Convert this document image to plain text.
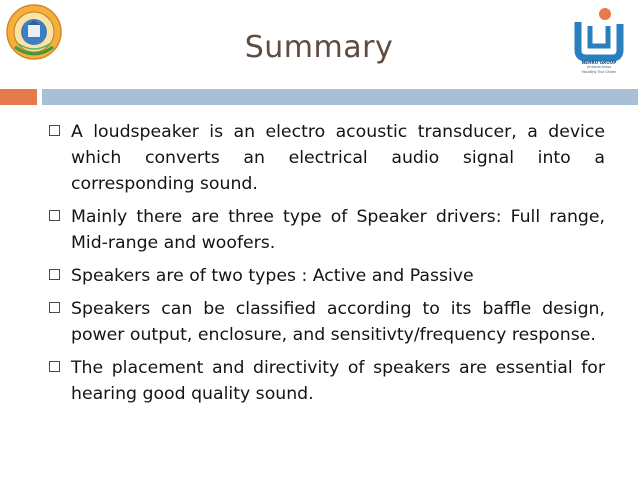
NEHRU GROUP
OF INSTITUTIONS
Moulding True Citizen
Summary
A loudspeaker is an electro acoustic transducer, a device which converts an electrical audio signal into a corresponding sound.
Mainly there are three type of Speaker drivers: Full range, Mid-range and woofers.
Speakers are of two types : Active and Passive
Speakers can be classified according to its baffle design, power output, enclosure, and sensitivty/frequency response.
The placement and directivity of speakers are essential for hearing good quality sound.
